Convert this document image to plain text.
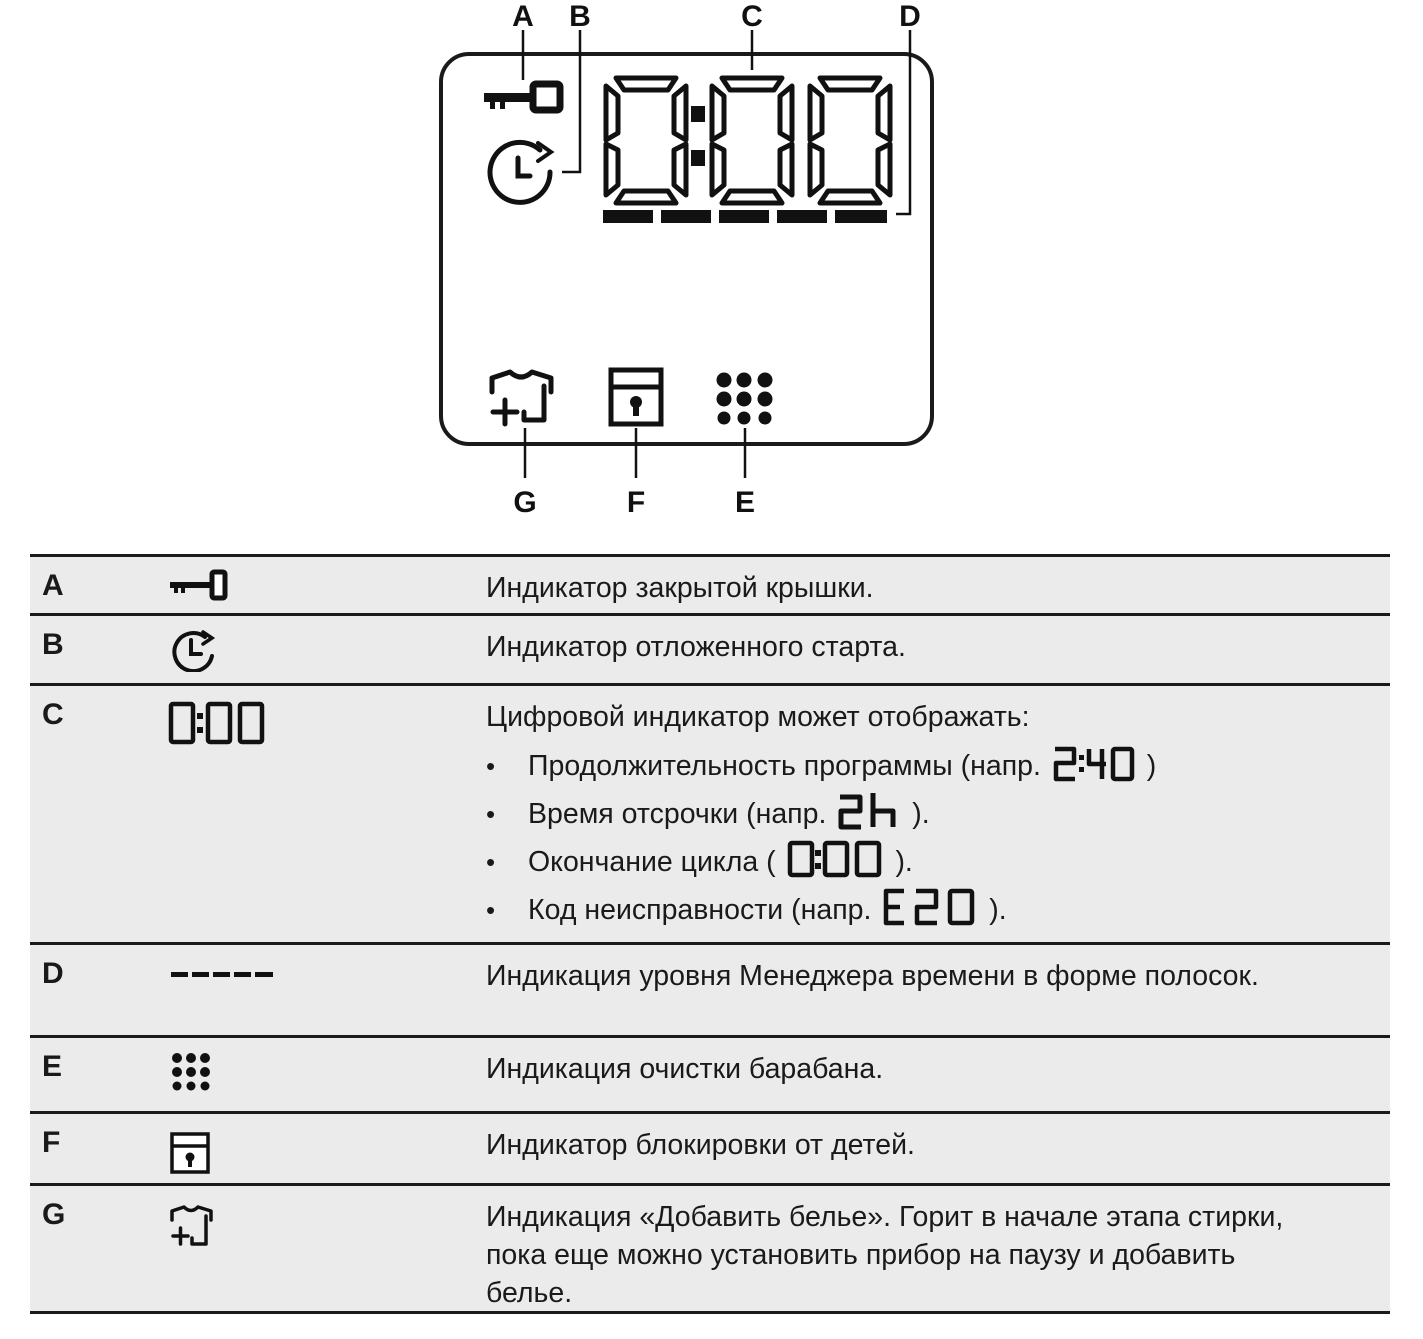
A B	C	D
G	F	E
A	Индикатор закрытой крышки.
B	Индикатор отложенного старта.
C	Цифровой индикатор может отображать:
• Продолжительность программы (напр.	)
• Время отсрочки (напр.	).
• Окончание цикла (	).
• Код неисправности (напр.	).
D	Индикация уровня Менеджера времени в форме полосок.
E	Индикация очистки барабана.
F	Индикатор блокировки от детей.
G	Индикация «Добавить белье». Горит в начале этапа стирки, пока еще можно установить прибор на паузу и добавить белье.
